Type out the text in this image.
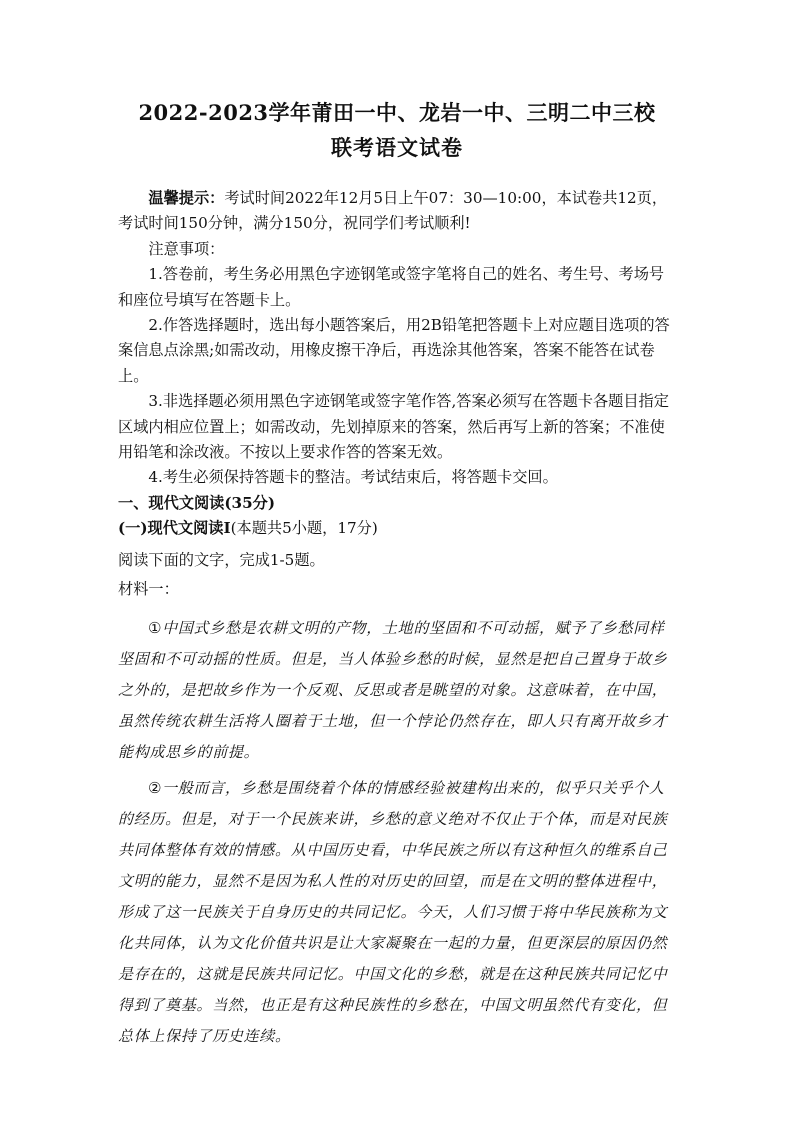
2022-2023学年莆田一中、龙岩一中、三明二中三校
联考语文试卷

温馨提示：考试时间2022年12月5日上午07：30—10:00，本试卷共12页，考试时间150分钟，满分150分，祝同学们考试顺利!

注意事项：

1.答卷前，考生务必用黑色字迹钢笔或签字笔将自己的姓名、考生号、考场号和座位号填写在答题卡上。

2.作答选择题时，选出每小题答案后，用2B铅笔把答题卡上对应题目选项的答案信息点涂黑;如需改动，用橡皮擦干净后，再选涂其他答案，答案不能答在试卷上。

3.非选择题必须用黑色字迹钢笔或签字笔作答,答案必须写在答题卡各题目指定区域内相应位置上；如需改动，先划掉原来的答案，然后再写上新的答案；不准使用铅笔和涂改液。不按以上要求作答的答案无效。

4.考生必须保持答题卡的整洁。考试结束后，将答题卡交回。

一、现代文阅读(35分)

(一)现代文阅读Ⅰ(本题共5小题，17分)

阅读下面的文字，完成1-5题。

材料一：

①中国式乡愁是农耕文明的产物，土地的坚固和不可动摇，赋予了乡愁同样坚固和不可动摇的性质。但是，当人体验乡愁的时候，显然是把自己置身于故乡之外的，是把故乡作为一个反观、反思或者是眺望的对象。这意味着，在中国，虽然传统农耕生活将人圈着于土地，但一个悖论仍然存在，即人只有离开故乡才能构成思乡的前提。

②一般而言，乡愁是围绕着个体的情感经验被建构出来的，似乎只关乎个人的经历。但是，对于一个民族来讲，乡愁的意义绝对不仅止于个体，而是对民族共同体整体有效的情感。从中国历史看，中华民族之所以有这种恒久的维系自己文明的能力，显然不是因为私人性的对历史的回望，而是在文明的整体进程中，形成了这一民族关于自身历史的共同记忆。今天，人们习惯于将中华民族称为文化共同体，认为文化价值共识是让大家凝聚在一起的力量，但更深层的原因仍然是存在的，这就是民族共同记忆。中国文化的乡愁，就是在这种民族共同记忆中得到了奠基。当然，也正是有这种民族性的乡愁在，中国文明虽然代有变化，但总体上保持了历史连续。
